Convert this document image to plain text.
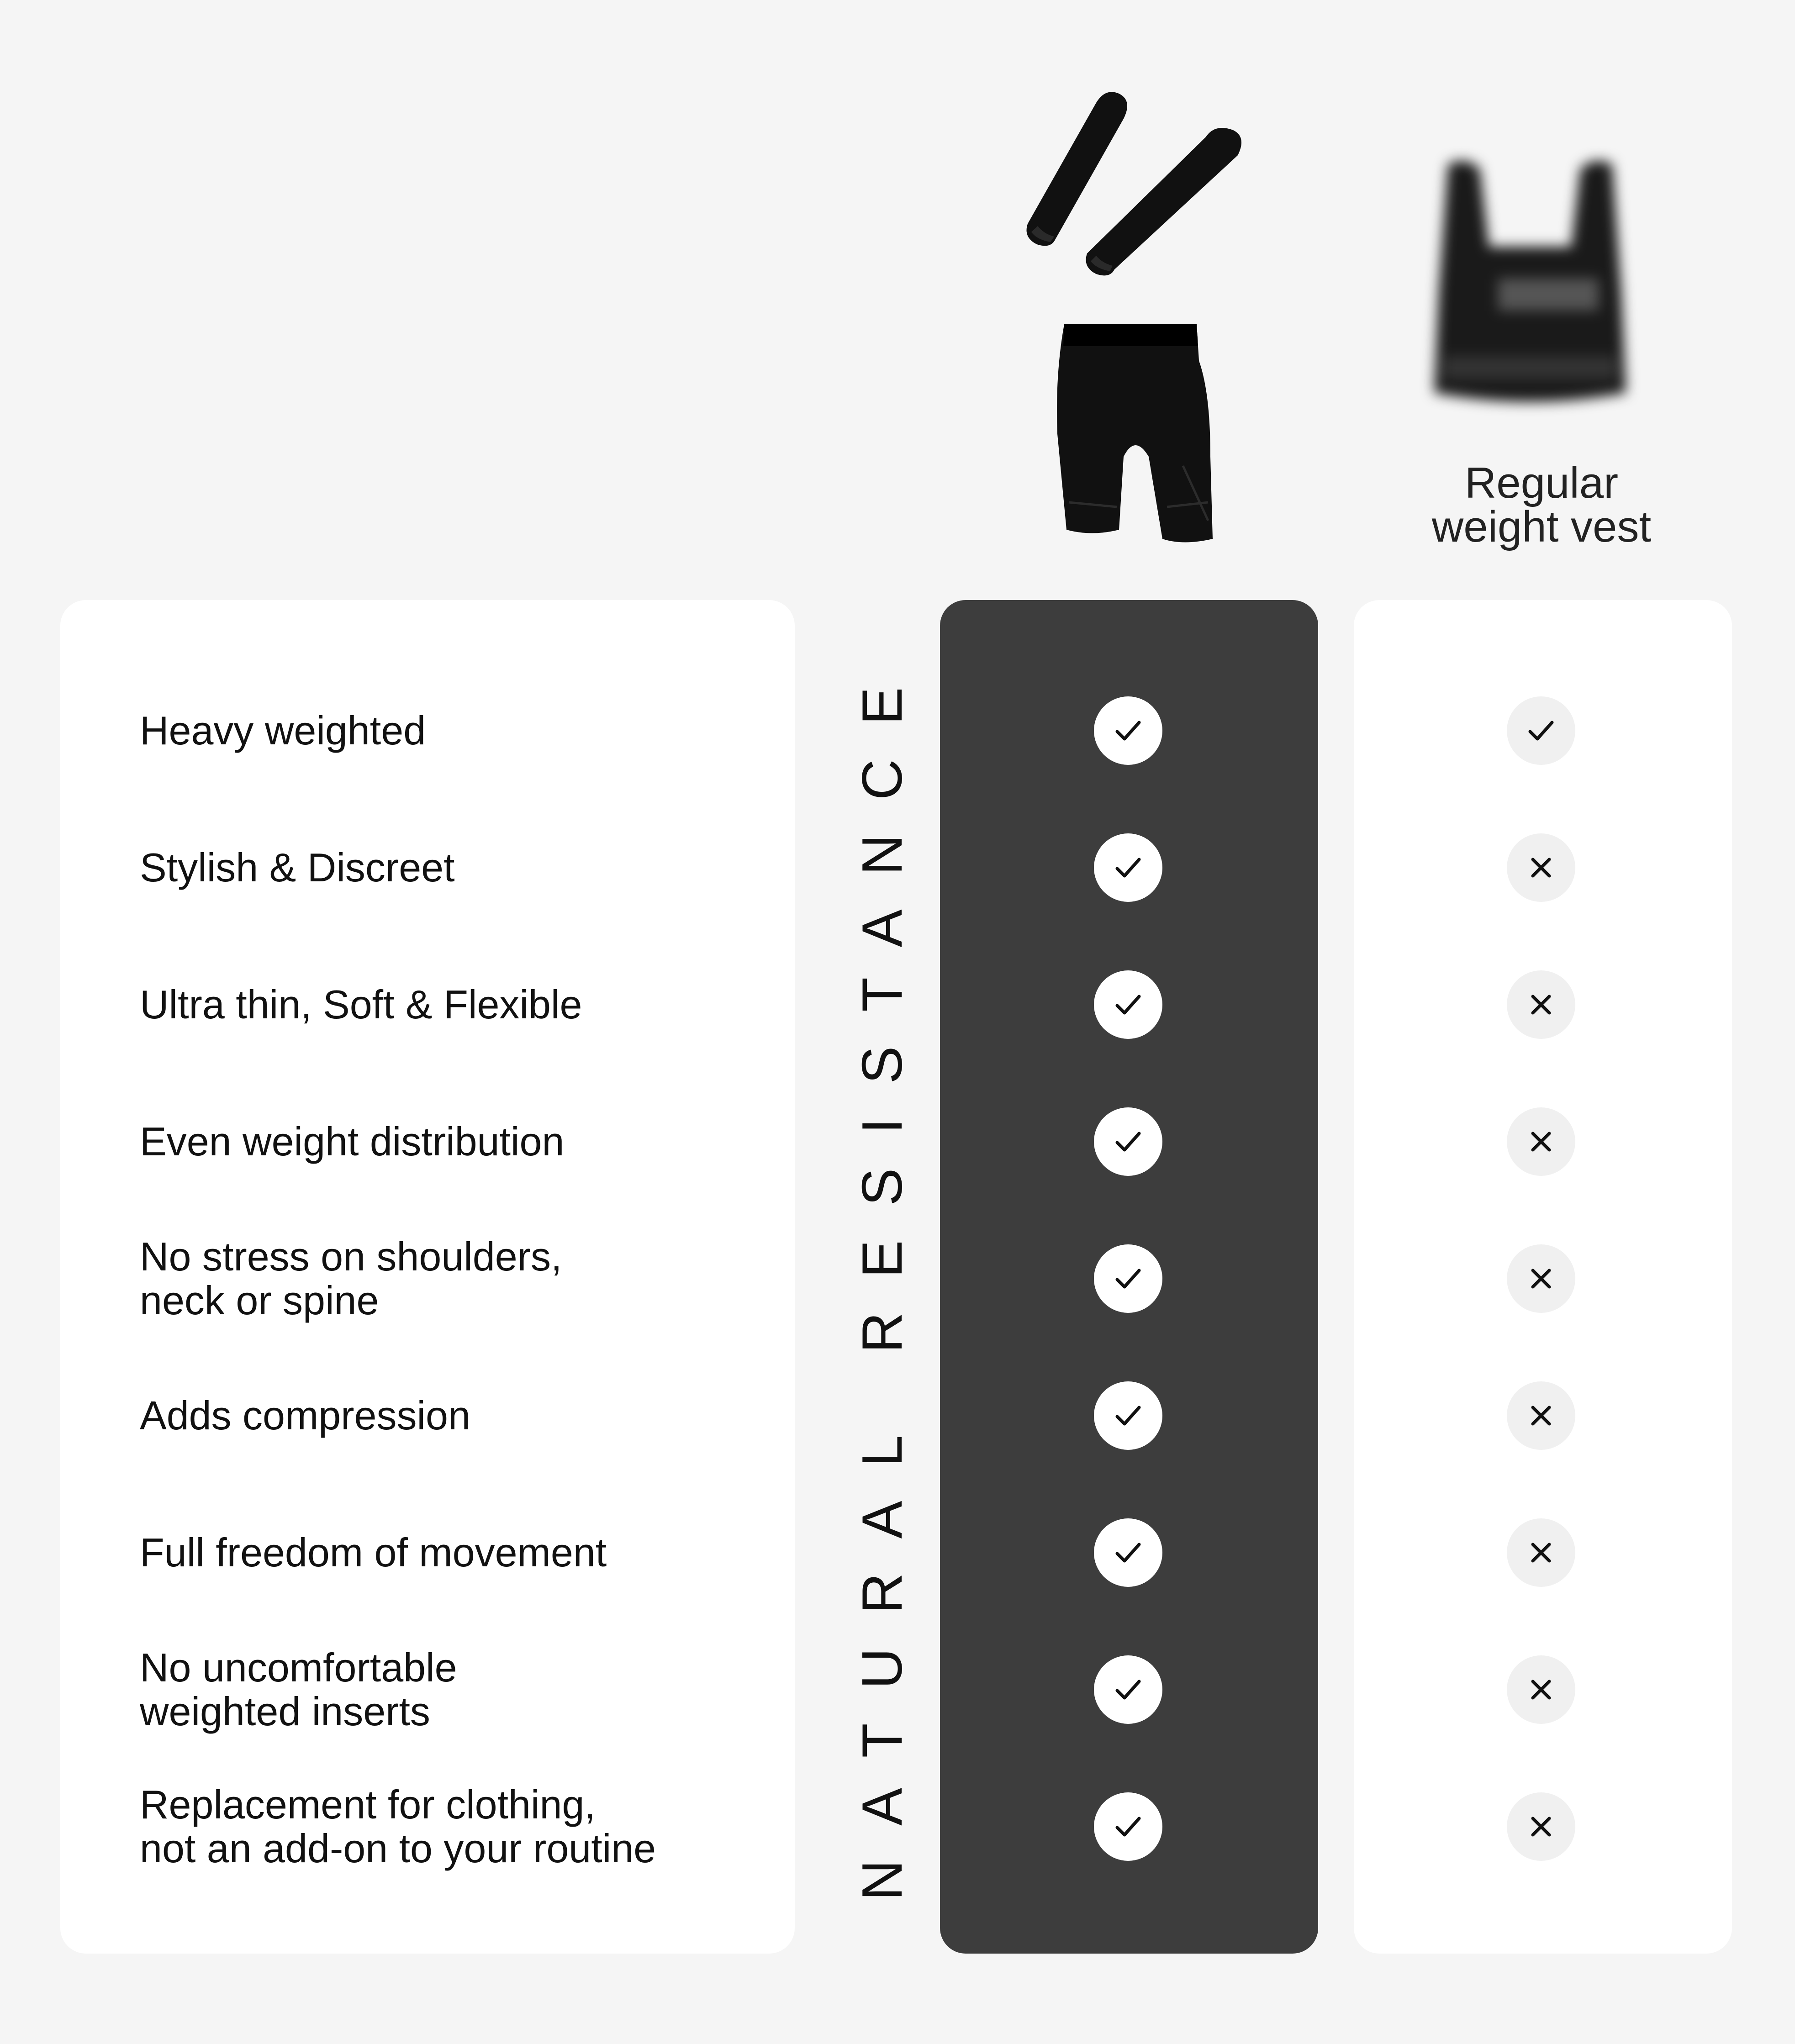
Regular
weight vest
NATURAL RESISTANCE
Heavy weighted
Stylish & Discreet
Ultra thin, Soft & Flexible
Even weight distribution
No stress on shoulders,
neck or spine
Adds compression
Full freedom of movement
No uncomfortable
weighted inserts
Replacement for clothing,
not an add-on to your routine
